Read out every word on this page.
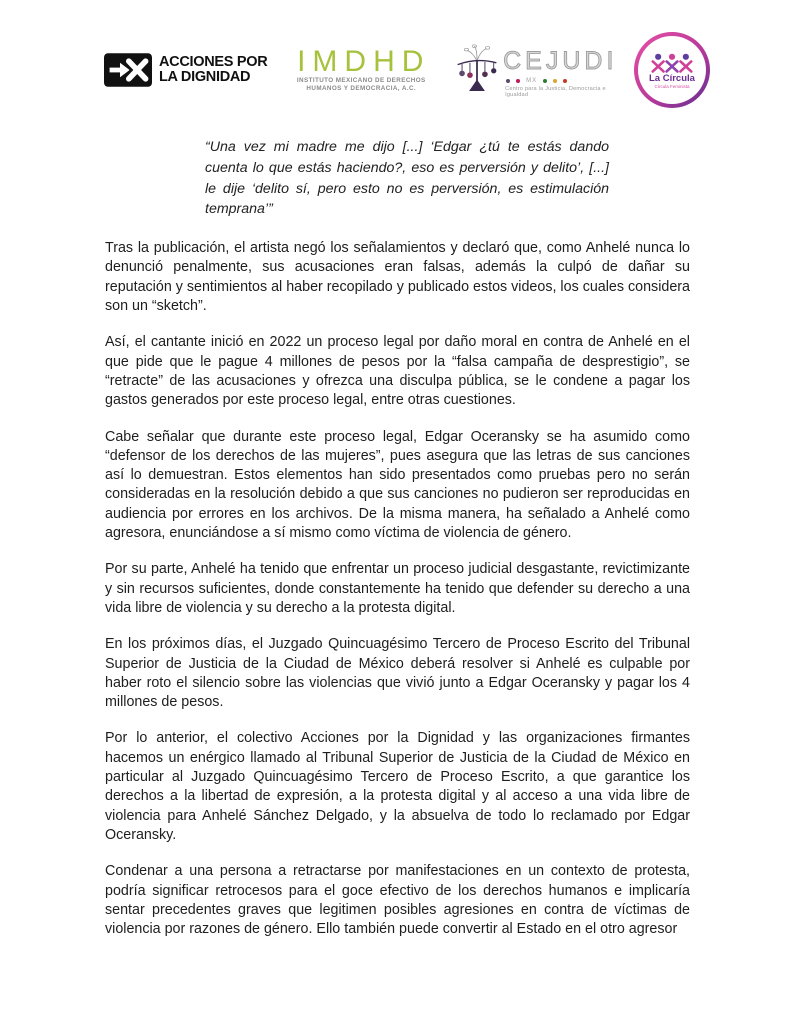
ACCIONES POR
LA DIGNIDAD	IMDHD
INSTITUTO MEXICANO DE DERECHOS
HUMANOS Y DEMOCRACIA, A.C.
CEJUDI
MX
Centro para la Justicia, Democracia e Igualdad
La Círcula
Círcula Feminista
“Una vez mi madre me dijo [...] ‘Edgar ¿tú te estás dando cuenta lo que estás haciendo?, eso es perversión y delito’, [...] le dije ‘delito sí, pero esto no es perversión, es estimulación temprana’”

Tras la publicación, el artista negó los señalamientos y declaró que, como Anhelé nunca lo denunció penalmente, sus acusaciones eran falsas, además la culpó de dañar su reputación y sentimientos al haber recopilado y publicado estos videos, los cuales considera son un “sketch”.

Así, el cantante inició en 2022 un proceso legal por daño moral en contra de Anhelé en el que pide que le pague 4 millones de pesos por la “falsa campaña de desprestigio”, se “retracte” de las acusaciones y ofrezca una disculpa pública, se le condene a pagar los gastos generados por este proceso legal, entre otras cuestiones.

Cabe señalar que durante este proceso legal, Edgar Oceransky se ha asumido como “defensor de los derechos de las mujeres”, pues asegura que las letras de sus canciones así lo demuestran. Estos elementos han sido presentados como pruebas pero no serán consideradas en la resolución debido a que sus canciones no pudieron ser reproducidas en audiencia por errores en los archivos. De la misma manera, ha señalado a Anhelé como agresora, enunciándose a sí mismo como víctima de violencia de género.

Por su parte, Anhelé ha tenido que enfrentar un proceso judicial desgastante, revictimizante y sin recursos suficientes, donde constantemente ha tenido que defender su derecho a una vida libre de violencia y su derecho a la protesta digital.

En los próximos días, el Juzgado Quincuagésimo Tercero de Proceso Escrito del Tribunal Superior de Justicia de la Ciudad de México deberá resolver si Anhelé es culpable por haber roto el silencio sobre las violencias que vivió junto a Edgar Oceransky y pagar los 4 millones de pesos.

Por lo anterior, el colectivo Acciones por la Dignidad y las organizaciones firmantes hacemos un enérgico llamado al Tribunal Superior de Justicia de la Ciudad de México en particular al Juzgado Quincuagésimo Tercero de Proceso Escrito, a que garantice los derechos a la libertad de expresión, a la protesta digital y al acceso a una vida libre de violencia para Anhelé Sánchez Delgado, y la absuelva de todo lo reclamado por Edgar Oceransky.

Condenar a una persona a retractarse por manifestaciones en un contexto de protesta, podría significar retrocesos para el goce efectivo de los derechos humanos e implicaría sentar precedentes graves que legitimen posibles agresiones en contra de víctimas de violencia por razones de género. Ello también puede convertir al Estado en el otro agresor
